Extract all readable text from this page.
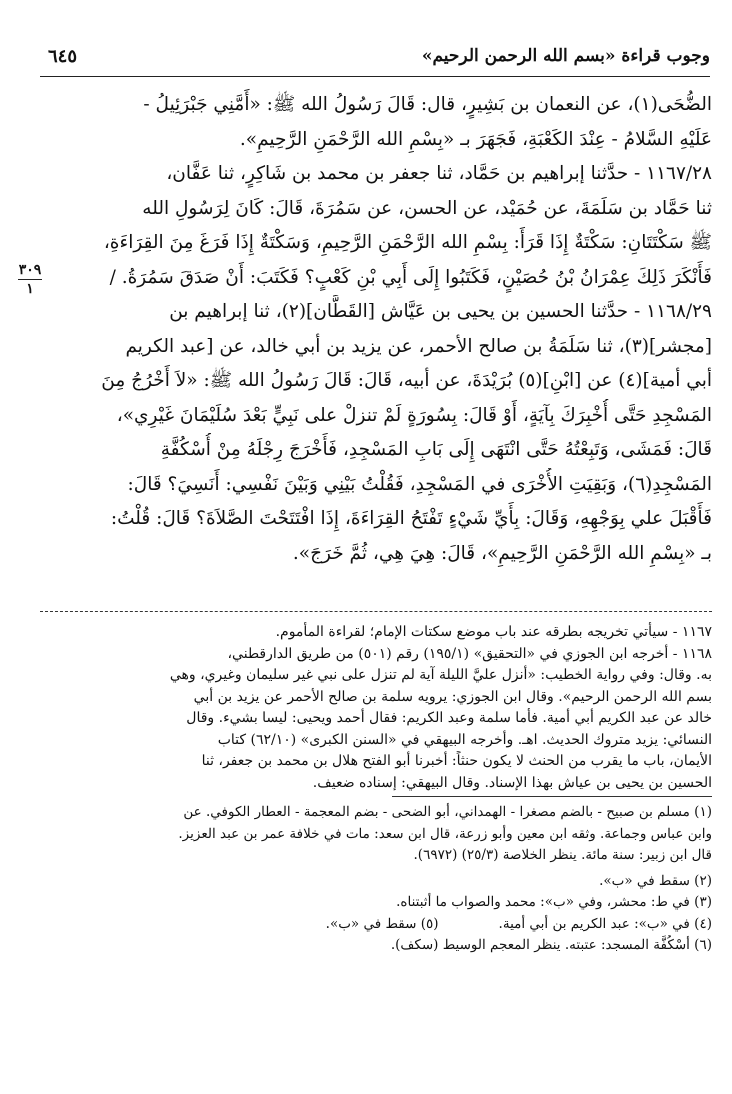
وجوب قراءة «بسم الله الرحمن الرحيم»
٦٤٥
٣٠٩
١
الضُّحَى(١)، عن النعمان بن بَشِيرٍ، قال: قَالَ رَسُولُ الله ﷺ: «أَمَّنِي جَبْرَئِيلُ -
عَلَيْهِ السَّلامُ - عِنْدَ الكَعْبَةِ، فَجَهَرَ بـ «بِسْمِ الله الرَّحْمَنِ الرَّحِيمِ».
١١٦٧/٢٨ - حدَّثنا إبراهيم بن حَمَّاد، ثنا جعفر بن محمد بن شَاكِرٍ، ثنا عَفَّان،
ثنا حَمَّاد بن سَلَمَةَ، عن حُمَيْد، عن الحسن، عن سَمُرَةَ، قَالَ: كَانَ لِرَسُولِ الله
ﷺ سَكْتَتَانِ: سَكْتَةٌ إِذَا قَرَأَ: بِسْمِ الله الرَّحْمَنِ الرَّحِيمِ، وَسَكْتَةٌ إِذَا فَرَغَ مِنَ القِرَاءَةِ،
فَأَنْكَرَ ذَلِكَ عِمْرَانُ بْنُ حُصَيْنٍ، فَكَتَبُوا إِلَى أَبِي بْنِ كَعْبٍ؟ فَكَتَبَ: أَنْ صَدَقَ سَمُرَةُ. /
١١٦٨/٢٩ - حدَّثنا الحسين بن يحيى بن عَيَّاش [القَطَّان](٢)، ثنا إبراهيم بن
[مجشر](٣)، ثنا سَلَمَةُ بن صالح الأحمر، عن يزيد بن أبي خالد، عن [عبد الكريم
أبي أمية](٤) عن [ابْنِ](٥) بُرَيْدَةَ، عن أبيه، قَالَ: قَالَ رَسُولُ الله ﷺ: «لاَ أَخْرُجُ مِنَ
المَسْجِدِ حَتَّى أُخْبِرَكَ بِآيَةٍ، أَوْ قَالَ: بِسُورَةٍ لَمْ تنزلْ على نَبِيٍّ بَعْدَ سُلَيْمَانَ غَيْرِي»،
قَالَ: فَمَشَى، وَتَبِعْتُهُ حَتَّى انْتَهَى إِلَى بَابِ المَسْجِدِ، فَأَخْرَجَ رِجْلَهُ مِنْ أُسْكُفَّةِ
المَسْجِدِ(٦)، وَبَقِيَتِ الأُخْرَى في المَسْجِدِ، فَقُلْتُ بَيْنِي وَبَيْنَ نَفْسِي: أَنَسِيَ؟ قَالَ:
فَأَقْبَلَ علي بِوَجْهِهِ، وَقَالَ: بِأَيِّ شَيْءٍ تَفْتَحُ القِرَاءَةَ، إِذَا افْتَتَحْتَ الصَّلاَةَ؟ قَالَ: قُلْتُ:
بـ «بِسْمِ الله الرَّحْمَنِ الرَّحِيمِ»، قَالَ: هِيَ هِي، ثُمَّ خَرَجَ».
١١٦٧ - سيأتي تخريجه بطرقه عند باب موضع سكتات الإمام؛ لقراءة المأموم.
١١٦٨ - أخرجه ابن الجوزي في «التحقيق» (١٩٥/١) رقم (٥٠١) من طريق الدارقطني،
به. وقال: وفي رواية الخطيب: «أنزل عليَّ الليلة آية لم تنزل على نبي غير سليمان وغيري، وهي
بسم الله الرحمن الرحيم». وقال ابن الجوزي: يرويه سلمة بن صالح الأحمر عن يزيد بن أبي
خالد عن عبد الكريم أبي أمية. فأما سلمة وعبد الكريم: فقال أحمد ويحيى: ليسا بشيء. وقال
النسائي: يزيد متروك الحديث. اهـ. وأخرجه البيهقي في «السنن الكبرى» (٦٢/١٠) كتاب
الأيمان، باب ما يقرب من الحنث لا يكون حنثاً: أخبرنا أبو الفتح هلال بن محمد بن جعفر، ثنا
الحسين بن يحيى بن عياش بهذا الإسناد. وقال البيهقي: إسناده ضعيف.
(١) مسلم بن صبيح - بالضم مصغرا - الهمداني، أبو الضحى - بضم المعجمة - العطار الكوفي. عن
وابن عباس وجماعة. وثقه ابن معين وأبو زرعة، قال ابن سعد: مات في خلافة عمر بن عبد العزيز.
قال ابن زبير: سنة مائة. ينظر الخلاصة (٢٥/٣) (٦٩٧٢).
(٢) سقط في «ب».
(٣) في ط: محشر، وفي «ب»: محمد والصواب ما أثبتناه.
(٤) في «ب»: عبد الكريم بن أبي أمية.
(٥) سقط في «ب».
(٦) أُسْكُفَّة المسجد: عتبته. ينظر المعجم الوسيط (سكف).
